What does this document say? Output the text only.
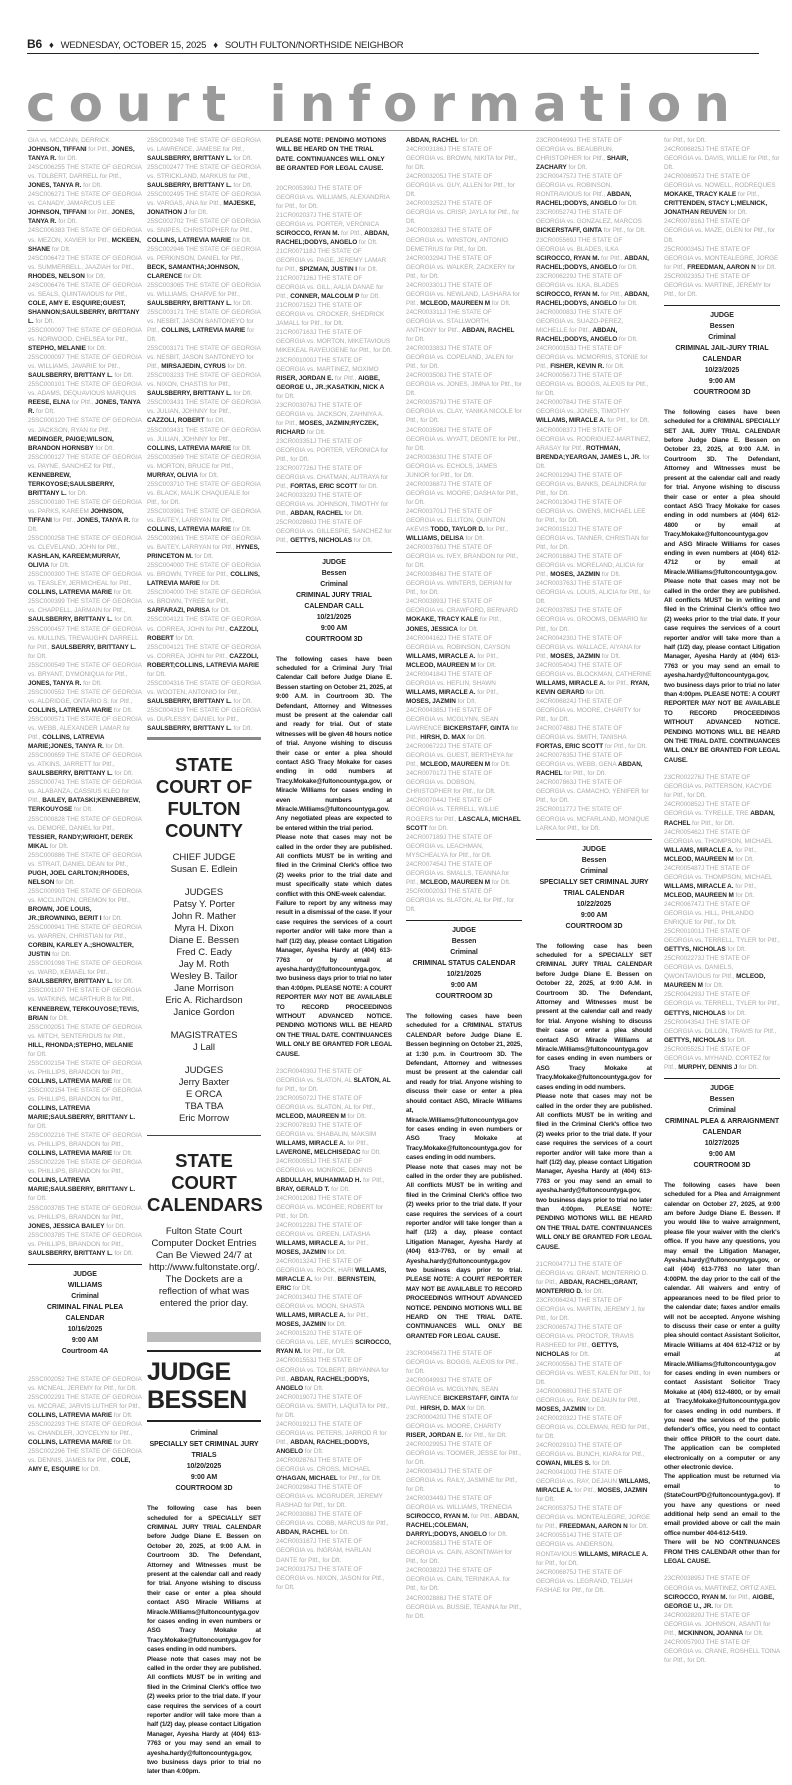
B6 ♦ WEDNESDAY, OCTOBER 15, 2025 ♦ SOUTH FULTON/NORTHSIDE NEIGHBOR
court information
GIA vs. MCCANN, DERRICK JOHNSON, TIFFANI for Pltf., JONES, TANYA R. for Dft.
24SC006255 THE STATE OF GEORGIA vs. TOLBERT, DARRELL for Pltf., JONES, TANYA R. for Dft.
24SC006271 THE STATE OF GEORGIA vs. CANADY, JAMARCUS LEE JOHNSON, TIFFANI for Pltf., JONES, TANYA R. for Dft.
24SC006383 THE STATE OF GEORGIA vs. MEZON, XAVIER for Pltf., MCKEEN, SHANE for Dft.
24SC006472 THE STATE OF GEORGIA vs. SUMMERBELL, JAAZIAH for Pltf., RHODES, NELSON for Dft.
24SC006476 THE STATE OF GEORGIA vs. SEALS, QUINTAVIOUS for Pltf., COLE, AMY E. ESQUIRE;GUEST, SHANNON;SAULSBERRY, BRITTANY L. for Dft.
25SC000097 THE STATE OF GEORGIA vs. NORWOOD, CHELSEA for Pltf., STEPHO, MELANIE for Dft.
25SC000097 THE STATE OF GEORGIA vs. WILLIAMS, JAVARIE for Pltf., SAULSBERRY, BRITTANY L. for Dft.
25SC000101 THE STATE OF GEORGIA vs. ADAMS, DEQUAVIOUS MARQUIS REESE, ELNA for Pltf., JONES, TANYA R. for Dft.
25SC000120 THE STATE OF GEORGIA vs. JACKSON, RYAN for Pltf., MEDINGER, PAIGE;WILSON, BRANDON HORNSBY for Dft.
25SC000127 THE STATE OF GEORGIA vs. PAYNE, SANCHEZ for Pltf., KENNEBREW, TERKOYOSE;SAULSBERRY, BRITTANY L. for Dft.
25SC000180 THE STATE OF GEORGIA vs. PARKS, KAREEM JOHNSON, TIFFANI for Pltf., JONES, TANYA R. for Dft.
25SC000258 THE STATE OF GEORGIA vs. CLEVELAND, JOHN for Pltf., KASHLAN, KAREEM;MURRAY, OLIVIA for Dft.
25SC000300 THE STATE OF GEORGIA vs. TEASLEY, JERMICHEAL for Pltf., COLLINS, LATREVIA MARIE for Dft.
25SC000399 THE STATE OF GEORGIA vs. CHAPPELL, JARMAIN for Pltf., SAULSBERRY, BRITTANY L. for Dft.
25SC000457 THE STATE OF GEORGIA vs. MULLINS, TREVAUGHN DARRELL for Pltf., SAULSBERRY, BRITTANY L. for Dft.
25SC000549 THE STATE OF GEORGIA vs. BRYANT, DYMONIQUA for Pltf., JONES, TANYA R. for Dft.
25SC000552 THE STATE OF GEORGIA vs. ALDRIDGE, ONTARIO S. for Pltf., COLLINS, LATREVIA MARIE for Dft.
25SC000571 THE STATE OF GEORGIA vs. WEBB, ALEXANDER LAMAR for Pltf., COLLINS, LATREVIA MARIE;JONES, TANYA R. for Dft.
25SC000659 THE STATE OF GEORGIA vs. ATKINS, JARRETT for Pltf., SAULSBERRY, BRITTANY L. for Dft.
25SC000741 THE STATE OF GEORGIA vs. ALABANZA, CASSIUS KLEO for Pltf., BAILEY, BATASKI;KENNEBREW, TERKOUYOSE for Dft.
25SC000828 THE STATE OF GEORGIA vs. DEMORE, DANIEL for Pltf., TESSIER, RANDY;WRIGHT, DEREK MIKAL for Dft.
25SC000886 THE STATE OF GEORGIA vs. STRAIT, DANIEL DEAN for Pltf., PUGH, JOEL CARLTON;RHODES, NELSON for Dft.
25SC000903 THE STATE OF GEORGIA vs. MCCLINTON, CREMON for Pltf., BROWN, JOE LOUIS, JR.;BROWNING, BERIT I for Dft.
25SC000941 THE STATE OF GEORGIA vs. WARREN, CHRISTIAN for Pltf., CORBIN, KARLEY A.;SHOWALTER, JUSTIN for Dft.
25SC001098 THE STATE OF GEORGIA vs. WARD, KEMAEL for Pltf., SAULSBERRY, BRITTANY L. for Dft.
25SC001107 THE STATE OF GEORGIA vs. WATKINS, MCARTHUR B for Pltf., KENNEBREW, TERKOUYOSE;TEVIS, BRIAN for Dft.
25SC002051 THE STATE OF GEORGIA vs. MITCH, SENTERIOUS for Pltf., HILL, RHONDA;STEPHO, MELANIE for Dft.
25SC002154 THE STATE OF GEORGIA vs. PHILLIPS, BRANDON for Pltf., COLLINS, LATREVIA MARIE for Dft.
25SC002154 THE STATE OF GEORGIA vs. PHILLIPS, BRANDON for Pltf., COLLINS, LATREVIA MARIE;SAULSBERRY, BRITTANY L. for Dft.
25SC002216 THE STATE OF GEORGIA vs. PHILLIPS, BRANDON for Pltf., COLLINS, LATREVIA MARIE for Dft.
25SC002226 THE STATE OF GEORGIA vs. PHILLIPS, BRANDON for Pltf., COLLINS, LATREVIA MARIE;SAULSBERRY, BRITTANY L. for Dft.
25SC003785 THE STATE OF GEORGIA vs. PHILLIPS, BRANDON for Pltf., JONES, JESSICA BAILEY for Dft.
25SC003785 THE STATE OF GEORGIA vs. PHILLIPS, BRANDON for Pltf., SAULSBERRY, BRITTANY L. for Dft.
JUDGE
WILLIAMS
Criminal
CRIMINAL FINAL PLEA CALENDAR
10/16/2025
9:00 AM
Courtroom 4A
25SC002052 THE STATE OF GEORGIA vs. MCNEAL, JEREMY for Pltf., for Dft.
25SC002291 THE STATE OF GEORGIA vs. MCCRAE, JARVIS LUTHER for Pltf., COLLINS, LATREVIA MARIE for Dft.
25SC002293 THE STATE OF GEORGIA vs. CHANDLER, JOYCELYN for Pltf., COLLINS, LATREVIA MARIE for Dft.
25SC002296 THE STATE OF GEORGIA vs. DENNIS, JAMES for Pltf., COLE, AMY E, ESQUIRE for Dft.
25SC002348 THE STATE OF GEORGIA vs. LAWRENCE, JAMESE for Pltf., SAULSBERRY, BRITTANY L. for Dft.
25SC002477 THE STATE OF GEORGIA vs. STRICKLAND, MARKUS for Pltf., SAULSBERRY, BRITTANY L. for Dft.
25SC002495 THE STATE OF GEORGIA vs. VARGAS, ANA for Pltf., MAJESKE, JONATHON J for Dft.
25SC002702 THE STATE OF GEORGIA vs. SNIPES, CHRISTOPHER for Pltf., COLLINS, LATREVIA MARIE for Dft.
25SC002946 THE STATE OF GEORGIA vs. PERKINSON, DANIEL for Pltf., BECK, SAMANTHA;JOHNSON, CLARENCE for Dft.
25SC003065 THE STATE OF GEORGIA vs. WILLIAMS, CHARVE for Pltf., SAULSBERRY, BRITTANY L. for Dft.
25SC003171 THE STATE OF GEORGIA vs. NESBIT, JASON SANTONEYO for Pltf., COLLINS, LATREVIA MARIE for Dft.
25SC003171 THE STATE OF GEORGIA vs. NESBIT, JASON SANTONEYO for Pltf., MIRSAJEDIN, CYRUS for Dft.
25SC003233 THE STATE OF GEORGIA vs. NIXON, CHASTIS for Pltf., SAULSBERRY, BRITTANY L. for Dft.
25SC003431 THE STATE OF GEORGIA vs. JULIAN, JOHNNY for Pltf., CAZZOLI, ROBERT for Dft.
25SC003431 THE STATE OF GEORGIA vs. JULIAN, JOHNNY for Pltf., COLLINS, LATREVIA MARIE for Dft.
25SC003569 THE STATE OF GEORGIA vs. MORTON, BRUCE for Pltf., MURRAY, OLIVIA for Dft.
25SC003710 THE STATE OF GEORGIA vs. BLACK, MALIK CHAQUEALE for Pltf., for Dft.
25SC003961 THE STATE OF GEORGIA vs. BAITEY, LARRYAN for Pltf., COLLINS, LATREVIA MARIE for Dft.
25SC003961 THE STATE OF GEORGIA vs. BAITEY, LARRYAN for Pltf., HYNES, PRINCETON M. for Dft.
25SC004000 THE STATE OF GEORGIA vs. BROWN, TYREE for Pltf., COLLINS, LATREVIA MARIE for Dft.
25SC004000 THE STATE OF GEORGIA vs. BROWN, TYREE for Pltf., SARFARAZI, PARISA for Dft.
25SC004121 THE STATE OF GEORGIA vs. CORREA, JOHN for Pltf., CAZZOLI, ROBERT for Dft.
25SC004121 THE STATE OF GEORGIA vs. CORREA, JOHN for Pltf., CAZZOLI, ROBERT;COLLINS, LATREVIA MARIE for Dft.
25SC004316 THE STATE OF GEORGIA vs. WOOTEN, ANTONIO for Pltf., SAULSBERRY, BRITTANY L. for Dft.
25SC004319 THE STATE OF GEORGIA vs. DUPLESSY, DANIEL for Pltf., SAULSBERRY, BRITTANY L. for Dft.
STATE COURT OF FULTON COUNTY
CHIEF JUDGE
Susan E. Edlein
JUDGES
Patsy Y. Porter
John R. Mather
Myra H. Dixon
Diane E. Bessen
Fred C. Eady
Jay M. Roth
Wesley B. Tailor
Jane Morrison
Eric A. Richardson
Janice Gordon
MAGISTRATES
J Lall
JUDGES
Jerry Baxter
E ORCA
TBA TBA
Eric Morrow
STATE COURT CALENDARS
Fulton State Court Computer Docket Entries Can Be Viewed 24/7 at http://www.fultonstate.org/. The Dockets are a reflection of what was entered the prior day.
JUDGE BESSEN
Criminal
SPECIALLY SET CRIMINAL JURY TRIALS
10/20/2025
9:00 AM
COURTROOM 3D

The following case has been scheduled for a SPECIALLY SET CRIMINAL JURY TRIAL CALENDAR before Judge Diane E. Bessen on October 20, 2025, at 9:00 A.M. in Courtroom 3D. The Defendant, Attorney and Witnesses must be present at the calendar call and ready for trial. Anyone wishing to discuss their case or enter a plea should contact ASG Miracle Williams at Miracle.Williams@fultoncountyga.gov for cases ending in even numbers or ASG Tracy Mokake at Tracy.Mokake@fultoncountyga.gov for cases ending in odd numbers.

Please note that cases may not be called in the order they are published. All conflicts MUST be in writing and filed in the Criminal Clerk's office two (2) weeks prior to the trial date. If your case requires the services of a court reporter and/or will take more than a half (1/2) day, please contact Litigation Manager, Ayesha Hardy at (404) 613-7763 or you may send an email to ayesha.hardy@fultoncountyga.gov, two business days prior to trial no later than 4:00pm.

PLEASE NOTE: PENDING MOTIONS WILL BE HEARD ON THE TRIAL DATE. CONTINUANCES WILL ONLY BE GRANTED FOR LEGAL CAUSE.
20CR005390J THE STATE OF GEORGIA vs. WILLIAMS, ALEXANDRIA for Pltf., for Dft.
21CR002037J THE STATE OF GEORGIA vs. PORTER, VERONICA SCIROCCO, RYAN M. for Pltf., ABDAN, RACHEL;DODYS, ANGELO for Dft.
21CR007118J THE STATE OF GEORGIA vs. PAGE, JEREMY LAMAR for Pltf., SPIZMAN, JUSTIN I for Dft.
21CR007126J THE STATE OF GEORGIA vs. GILL, AALIA DANAE for Pltf., CONNER, MALCOLM P for Dft.
21CR007152J THE STATE OF GEORGIA vs. CROCKER, SHEDRICK JAMALL for Pltf., for Dft.
21CR007163J THE STATE OF GEORGIA vs. MORTON, MIKETAVIOUS MIKEKEAL RAYEUGENE for Pltf., for Dft.
23CR001000J THE STATE OF GEORGIA vs. MARTINEZ, MOXIMO RISER, JORDAN E. for Pltf., AIGBE, GEORGE U., JR.;KASATKIN, NICK A for Dft.
23CR003076J THE STATE OF GEORGIA vs. JACKSON, ZAHNIYA A. for Pltf., MOSES, JAZMIN;RYCZEK, RICHARD for Dft.
23CR003351J THE STATE OF GEORGIA vs. PORTER, VERONICA for Pltf., for Dft.
23CR007726J THE STATE OF GEORGIA vs. CHATMAN, AUTRAYA for Pltf., FORTAS, ERIC SCOTT for Dft.
24CR003329J THE STATE OF GEORGIA vs. JOHNSON, TIMOTHY for Pltf., ABDAN, RACHEL for Dft.
25CR002860J THE STATE OF GEORGIA vs. GILLESPIE, SANCHEZ for Pltf., GETTYS, NICHOLAS for Dft.
JUDGE
Bessen
Criminal
CRIMINAL JURY TRIAL CALENDAR CALL
10/21/2025
9:00 AM
COURTROOM 3D

The following cases have been scheduled for a Criminal Jury Trial Calendar Call before Judge Diane E. Bessen starting on October 21, 2025, at 9:00 A.M. in Courtroom 3D. The Defendant, Attorney and Witnesses must be present at the calendar call and ready for trial. Out of state witnesses will be given 48 hours notice of trial. Anyone wishing to discuss their case or enter a plea should contact ASG Tracy Mokake for cases ending in odd numbers at Tracy.Mokake@fultoncountyga.gov, or Miracle Williams for cases ending in even numbers at Miracle.Williams@fultoncountyga.gov. Any negotiated pleas are expected to be entered within the trial period.

Please note that cases may not be called in the order they are published. All conflicts MUST be in writing and filed in the Criminal Clerk's office two (2) weeks prior to the trial date and must specifically state which dates conflict with this ONE-week calendar.

Failure to report by any witness may result in a dismissal of the case. If your case requires the services of a court reporter and/or will take more than a half (1/2) day, please contact Litigation Manager, Ayesha Hardy at (404) 613-7763 or by email at ayesha.hardy@fultoncountyga.gov, two business days prior to trial no later than 4:00pm. PLEASE NOTE: A COURT REPORTER MAY NOT BE AVAILABLE TO RECORD PROCEEDINGS WITHOUT ADVANCED NOTICE. PENDING MOTIONS WILL BE HEARD ON THE TRIAL DATE. CONTINUANCES WILL ONLY BE GRANTED FOR LEGAL CAUSE.

23CR004030J THE STATE OF GEORGIA vs. SLATON, AL SLATON, AL for Pltf., for Dft.
23CR005072J THE STATE OF GEORGIA vs. SLATON, AL for Pltf., MCLEOD, MAUREEN M for Dft.
23CR007819J THE STATE OF GEORGIA vs. SHABALIN, MAKSIM WILLAMS, MIRACLE A. for Pltf., LAVERGNE, MELCHISEDAC for Dft.
24CR000551J THE STATE OF GEORGIA vs. MONROE, DENNIS ABDULLAH, MUHAMMAD H. for Pltf., BRAY, GERALD T. for Dft.
24CR001208J THE STATE OF GEORGIA vs. MCGHEE, ROBERT for Pltf., for Dft.
24CR001228J THE STATE OF GEORGIA vs. GREEN, LATASHA WILLAMS, MIRACLE A. for Pltf., MOSES, JAZMIN for Dft.
24CR001324J THE STATE OF GEORGIA vs. ROCK, HARI WILLAMS, MIRACLE A. for Pltf., BERNSTEIN, ERIC for Dft.
24CR001340J THE STATE OF GEORGIA vs. MOON, SHASTA WILLAMS, MIRACLE A. for Pltf., MOSES, JAZMIN for Dft.
24CR001520J THE STATE OF GEORGIA vs. LEE, MYLES SCIROCCO, RYAN M. for Pltf., for Dft.
24CR001553J THE STATE OF GEORGIA vs. TOLBERT, BRIYANNA for Pltf., ABDAN, RACHEL;DODYS, ANGELO for Dft.
24CR001907J THE STATE OF GEORGIA vs. SMITH, LAQUITA for Pltf., for Dft.
24CR001921J THE STATE OF GEORGIA vs. PETERS, JARROD R for Pltf., ABDAN, RACHEL;DODYS, ANGELO for Dft.
24CR002876J THE STATE OF GEORGIA vs. CROSS, MICHAEL O'HAGAN, MICHAEL for Pltf., for Dft.
24CR002984J THE STATE OF GEORGIA vs. MCGRUDER, JEREMY RASHAD for Pltf., for Dft.
24CR003088J THE STATE OF GEORGIA vs. COBB, MARCUS for Pltf., ABDAN, RACHEL for Dft.
24CR003167J THE STATE OF GEORGIA vs. INGRAM, HARLAN DANTE for Pltf., for Dft.
24CR003175J THE STATE OF GEORGIA vs. NIXON, JASON for Pltf., for Dft.
ABDAN, RACHEL for Dft.
24CR003186J THE STATE OF GEORGIA vs. BROWN, NIKITA for Pltf., for Dft.
24CR003205J THE STATE OF GEORGIA vs. GUY, ALLEN for Pltf., for Dft.
24CR003252J THE STATE OF GEORGIA vs. CRISP, JAYLA for Pltf., for Dft.
24CR003283J THE STATE OF GEORGIA vs. WINSTON, ANTONIO DEMETRIUS for Pltf., for Dft.
24CR003294J THE STATE OF GEORGIA vs. WALKER, ZACKERY for Pltf., for Dft.
24CR003301J THE STATE OF GEORGIA vs. NEWLAND, LASHARA for Pltf., MCLEOD, MAUREEN M for Dft.
24CR003311J THE STATE OF GEORGIA vs. STALLWORTH, ANTHONY for Pltf., ABDAN, RACHEL for Dft.
24CR003383J THE STATE OF GEORGIA vs. COPELAND, JALEN for Pltf., for Dft.
24CR003508J THE STATE OF GEORGIA vs. JONES, JIMNA for Pltf., for Dft.
24CR003579J THE STATE OF GEORGIA vs. CLAY, YANIKA NICOLE for Pltf., for Dft.
24CR003596J THE STATE OF GEORGIA vs. WYATT, DEONTE for Pltf., for Dft.
24CR003630J THE STATE OF GEORGIA vs. ECHOLS, JAMES JUNIOR for Pltf., for Dft.
24CR003687J THE STATE OF GEORGIA vs. MOORE, DASHA for Pltf., for Dft.
24CR003701J THE STATE OF GEORGIA vs. ELLITON, QUINTON AKEVIS TODD, TAYLOR D. for Pltf., WILLIAMS, DELISA for Dft.
24CR003760J THE STATE OF GEORGIA vs. IVEY, BRANDON for Pltf., for Dft.
24CR003846J THE STATE OF GEORGIA vs. WINTERS, DERIAN for Pltf., for Dft.
24CR003893J THE STATE OF GEORGIA vs. CRAWFORD, BERNARD MOKAKE, TRACY KALE for Pltf., JONES, JESSICA for Dft.
24CR004162J THE STATE OF GEORGIA vs. ROBINSON, CAYSON WILLAMS, MIRACLE A. for Pltf., MCLEOD, MAUREEN M for Dft.
24CR004184J THE STATE OF GEORGIA vs. HEFLIN, SHAWN WILLAMS, MIRACLE A. for Pltf., MOSES, JAZMIN for Dft.
24CR004385J THE STATE OF GEORGIA vs. MCGLYNN, SEAN LAWRENCE BICKERSTAFF, GINTA for Pltf., HIRSH, D. MAX for Dft.
24CR006722J THE STATE OF GEORGIA vs. GUEST, BERTHEYA for Pltf., MCLEOD, MAUREEN M for Dft.
24CR007017J THE STATE OF GEORGIA vs. DOBSON, CHRISTOPHER for Pltf., for Dft.
24CR007044J THE STATE OF GEORGIA vs. TERRELL, WILLIE ROGERS for Pltf., LASCALA, MICHAEL SCOTT for Dft.
24CR007189J THE STATE OF GEORGIA vs. LEACHMAN, MYSCHEALYA for Pltf., for Dft.
24CR007454J THE STATE OF GEORGIA vs. SMALLS, TEANNA for Pltf., MCLEOD, MAUREEN M for Dft.
25CR000203J THE STATE OF GEORGIA vs. SLATON, AL for Pltf., for Dft.
JUDGE
Bessen
Criminal
CRIMINAL STATUS CALENDAR
10/21/2025
9:00 AM
COURTROOM 3D

The following cases have been scheduled for a CRIMINAL STATUS CALENDAR before Judge Diane E. Bessen beginning on October 21, 2025, at 1:30 p.m. in Courtroom 3D. The Defendant, Attorney and witnesses must be present at the calendar call and ready for trial. Anyone wishing to discuss their case or enter a plea should contact ASG, Miracle Williams at, Miracle.Williams@fultoncountyga.gov for cases ending in even numbers or ASG Tracy Mokake at Tracy.Mokake@fultoncountyga.gov for cases ending in odd numbers.

Please note that cases may not be called in the order they are published. All conflicts MUST be in writing and filed in the Criminal Clerk's office two (2) weeks prior to the trial date. If your case requires the services of a court reporter and/or will take longer than a half (1/2) a day, please contact Litigation Manager, Ayesha Hardy at (404) 613-7763, or by email at Ayesha.hardy@fultoncountyga.gov two business days prior to trial. PLEASE NOTE: A COURT REPORTER MAY NOT BE AVAILABLE TO RECORD PROCEEDINGS WITHOUT ADVANCED NOTICE. PENDING MOTIONS WILL BE HEARD ON THE TRIAL DATE. CONTINUANCES WILL ONLY BE GRANTED FOR LEGAL CAUSE.

23CR004567J THE STATE OF GEORGIA vs. BOGGS, ALEXIS for Pltf., for Dft.
24CR004993J THE STATE OF GEORGIA vs. MCGLYNN, SEAN LAWRENCE BICKERSTAFF, GINTA for Pltf., HIRSH, D. MAX for Dft.
23CR000420J THE STATE OF GEORGIA vs. MOORE, CHARITY RISER, JORDAN E. for Pltf., for Dft.
24CR002995J THE STATE OF GEORGIA vs. TOOMER, JESSE for Pltf., for Dft.
24CR003431J THE STATE OF GEORGIA vs. RAILY, JASMINE for Pltf., for Dft.
24CR003449J THE STATE OF GEORGIA vs. WILLIAMS, TRENECIA SCIROCCO, RYAN M. for Pltf., ABDAN, RACHEL;COLEMAN, DARRYL;DODYS, ANGELO for Dft.
24CR003581J THE STATE OF GEORGIA vs. CAIN, ASONTIWAH for Pltf., for Dft.
24CR003822J THE STATE OF GEORGIA vs. CAIN, TERINIKA A. for Pltf., for Dft.
24CR002886J THE STATE OF GEORGIA vs. BUSSIE, TEANNA for Pltf., for Dft.
23CR004699J THE STATE OF GEORGIA vs. BEAUBRUN, CHRISTOPHER for Pltf., SHAIR, ZACHARY for Dft.
23CR004757J THE STATE OF GEORGIA vs. ROBINSON, RONTRAVIOUS for Pltf., ABDAN, RACHEL;DODYS, ANGELO for Dft.
23CR005274J THE STATE OF GEORGIA vs. GONZALEZ, MARCOS BICKERSTAFF, GINTA for Pltf., for Dft.
23CR005569J THE STATE OF GEORGIA vs. BLADES, ILKA SCIROCCO, RYAN M. for Pltf., ABDAN, RACHEL;DODYS, ANGELO for Dft.
23CR006229J THE STATE OF GEORGIA vs. ILKA, BLADES SCIROCCO, RYAN M. for Pltf., ABDAN, RACHEL;DODYS, ANGELO for Dft.
24CR000083J THE STATE OF GEORGIA vs. SUAZO-PEREZ, MICHELLE for Pltf., ABDAN, RACHEL;DODYS, ANGELO for Dft.
24CR000153J THE STATE OF GEORGIA vs. MCMORRIS, STONIE for Pltf., FISHER, KEVIN R. for Dft.
24CR000567J THE STATE OF GEORGIA vs. BOGGS, ALEXIS for Pltf., for Dft.
24CR000784J THE STATE OF GEORGIA vs. JONES, TIMOTHY WILLAMS, MIRACLE A. for Pltf., for Dft.
24CR000837J THE STATE OF GEORGIA vs. RODRIGUEZ-MARTINEZ, ARASAY for Pltf., ROTHMAN, BRENDA;YEARGAN, JAMES L, JR. for Dft.
24CR001294J THE STATE OF GEORGIA vs. BANKS, DEALINDRA for Pltf., for Dft.
24CR001304J THE STATE OF GEORGIA vs. OWENS, MICHAEL LEE for Pltf., for Dft.
24CR001512J THE STATE OF GEORGIA vs. TANNER, CHRISTIAN for Pltf., for Dft.
24CR001684J THE STATE OF GEORGIA vs. MORELAND, ALICIA for Pltf., MOSES, JAZMIN for Dft.
24CR003763J THE STATE OF GEORGIA vs. LOUIS, ALICIA for Pltf., for Dft.
24CR003785J THE STATE OF GEORGIA vs. GROOMS, DEMARIO for Pltf., for Dft.
24CR004230J THE STATE OF GEORGIA vs. WALLACE, AIYANA for Pltf., MOSES, JAZMIN for Dft.
24CR005404J THE STATE OF GEORGIA vs. BLOCKMAN, CATHERINE WILLAMS, MIRACLE A. for Pltf., RYAN, KEVIN GERARD for Dft.
24CR006824J THE STATE OF GEORGIA vs. MOORE, CHARITY for Pltf., for Dft.
24CR007488J THE STATE OF GEORGIA vs. SMITH, TANISHA FORTAS, ERIC SCOTT for Pltf., for Dft.
24CR007635J THE STATE OF GEORGIA vs. WEBB, GENA ABDAN, RACHEL for Pltf., for Dft.
24CR007863J THE STATE OF GEORGIA vs. CAMACHO, YENIFER for Pltf., for Dft.
25CR001177J THE STATE OF GEORGIA vs. MCFARLAND, MONIQUE LARKA for Pltf., for Dft.
JUDGE
Bessen
Criminal
SPECIALLY SET CRIMINAL JURY TRIAL CALENDAR
10/22/2025
9:00 AM
COURTROOM 3D

The following case has been scheduled for a SPECIALLY SET CRIMINAL JURY TRIAL CALENDAR before Judge Diane E. Bessen on October 22, 2025, at 9:00 A.M. in Courtroom 3D. The Defendant, Attorney and Witnesses must be present at the calendar call and ready for trial. Anyone wishing to discuss their case or enter a plea should contact ASG Miracle Williams at Miracle.Williams@fultoncountyga.gov for cases ending in even numbers or ASG Tracy Mokake at Tracy.Mokake@fultoncountyga.gov for cases ending in odd numbers.

Please note that cases may not be called in the order they are published. All conflicts MUST be in writing and filed in the Criminal Clerk's office two (2) weeks prior to the trial date. If your case requires the services of a court reporter and/or will take more than a half (1/2) day, please contact Litigation Manager, Ayesha Hardy at (404) 613-7763 or you may send an email to ayesha.hardy@fultoncountyga.gov, two business days prior to trial no later than 4:00pm. PLEASE NOTE: PENDING MOTIONS WILL BE HEARD ON THE TRIAL DATE. CONTINUANCES WILL ONLY BE GRANTED FOR LEGAL CAUSE.

21CR004771J THE STATE OF GEORGIA vs. GRANT, MONTERRIO D. for Pltf., ABDAN, RACHEL;GRANT, MONTERRIO D. for Dft.
23CR006424J THE STATE OF GEORGIA vs. MARTIN, JEREMY J. for Pltf., for Dft.
23CR006574J THE STATE OF GEORGIA vs. PROCTOR, TRAVIS RASHEED for Pltf., GETTYS, NICHOLAS for Dft.
24CR000556J THE STATE OF GEORGIA vs. WEST, KALEN for Pltf., for Dft.
24CR000680J THE STATE OF GEORGIA vs. RAY, DEJAUN for Pltf., MOSES, JAZMIN for Dft.
24CR002032J THE STATE OF GEORGIA vs. COLEMAN, REID for Pltf., for Dft.
24CR002910J THE STATE OF GEORGIA vs. BUNCH, KIARA for Pltf., COWAN, MILES S. for Dft.
24CR004100J THE STATE OF GEORGIA vs. RAY, DEJAUN WILLAMS, MIRACLE A. for Pltf., MOSES, JAZMIN for Dft.
24CR005375J THE STATE OF GEORGIA vs. MONTEALEGRE, JORGE for Pltf., FREEDMAN, AARON N for Dft.
24CR005514J THE STATE OF GEORGIA vs. ANDERSON, RONTAVIOUS WILLAMS, MIRACLE A. for Pltf., for Dft.
24CR006875J THE STATE OF GEORGIA vs. LEGRAND, TELIAH FASHAE for Pltf., for Dft.
for Pltf., for Dft.
24CR006825J THE STATE OF GEORGIA vs. DAVIS, WILLIE for Pltf., for Dft.
24CR006957J THE STATE OF GEORGIA vs. NOWELL, RODREQUES MOKAKE, TRACY KALE for Pltf., CRITTENDEN, STACY L;MELNICK, JONATHAN REUVEN for Dft.
24CR007816J THE STATE OF GEORGIA vs. MAZE, GLEN for Pltf., for Dft.
25CR000345J THE STATE OF GEORGIA vs. MONTEALEGRE, JORGE for Pltf., FREEDMAN, AARON N for Dft.
25CR002335J THE STATE OF GEORGIA vs. MARTINE, JEREMY for Pltf., for Dft.
JUDGE
Bessen
Criminal
CRIMINAL JAIL-JURY TRIAL CALENDAR
10/23/2025
9:00 AM
COURTROOM 3D

The following cases have been scheduled for a CRIMINAL SPECIALLY SET JAIL JURY TRIAL CALENDAR before Judge Diane E. Bessen on October 23, 2025, at 9:00 A.M. in Courtroom 3D. The Defendant, Attorney and Witnesses must be present at the calendar call and ready for trial. Anyone wishing to discuss their case or enter a plea should contact ASG Tracy Mokake for cases ending in odd numbers at (404) 612-4800 or by email at Tracy.Mokake@fultoncountyga.gov and ASG Miracle Williams for cases ending in even numbers at (404) 612-4712 or by email at Miracle.Williams@fultoncountyga.gov.

Please note that cases may not be called in the order they are published. All conflicts MUST be in writing and filed in the Criminal Clerk's office two (2) weeks prior to the trial date. If your case requires the services of a court reporter and/or will take more than a half (1/2) day, please contact Litigation Manager, Ayesha Hardy at (404) 613-7763 or you may send an email to ayesha.hardy@fultoncountyga.gov, two business days prior to trial no later than 4:00pm. PLEASE NOTE: A COURT REPORTER MAY NOT BE AVAILABLE TO RECORD PROCEEDINGS WITHOUT ADVANCED NOTICE. PENDING MOTIONS WILL BE HEARD ON THE TRIAL DATE. CONTINUANCES WILL ONLY BE GRANTED FOR LEGAL CAUSE.

23CR002276J THE STATE OF GEORGIA vs. PATTERSON, KACYDE for Pltf., for Dft.
24CR000852J THE STATE OF GEORGIA vs. TYRELLE, TRE ABDAN, RACHEL for Pltf., for Dft.
24CR005462J THE STATE OF GEORGIA vs. THOMPSON, MICHAEL WILLAMS, MIRACLE A. for Pltf., MCLEOD, MAUREEN M for Dft.
24CR005487J THE STATE OF GEORGIA vs. THOMPSON, MICHAEL WILLAMS, MIRACLE A. for Pltf., MCLEOD, MAUREEN M for Dft.
24CR006747J THE STATE OF GEORGIA vs. HILL, PHILANDO ENRIQUE for Pltf., for Dft.
25CR001001J THE STATE OF GEORGIA vs. TERRELL, TYLER for Pltf., GETTYS, NICHOLAS for Dft.
25CR002273J THE STATE OF GEORGIA vs. DANIELS, QWONTAVIOUS for Pltf., MCLEOD, MAUREEN M for Dft.
25CR004293J THE STATE OF GEORGIA vs. TERRELL, TYLER for Pltf., GETTYS, NICHOLAS for Dft.
25CR004354J THE STATE OF GEORGIA vs. DILLON, TRAVIS for Pltf., GETTYS, NICHOLAS for Dft.
25CR005525J THE STATE OF GEORGIA vs. MYHAND, CORTEZ for Pltf., MURPHY, DENNIS J for Dft.
JUDGE
Bessen
Criminal
CRIMINAL PLEA & ARRAIGNMENT CALENDAR
10/27/2025
9:00 AM
COURTROOM 3D

The following cases have been scheduled for a Plea and Arraignment calendar on October 27, 2025, at 9:00 am before Judge Diane E. Bessen. If you would like to waive arraignment, please file your waiver with the clerk's office. If you have any questions, you may email the Litigation Manager, Ayesha.hardy@fultoncountyga.gov, or call (404) 613-7763 no later than 4:00PM. the day prior to the call of the calendar. All waivers and entry of appearances need to be filed prior to the calendar date; faxes and/or emails will not be accepted. Anyone wishing to discuss their case or enter a guilty plea should contact Assistant Solicitor, Miracle Williams at 404 612-4712 or by email at Miracle.Williams@fultoncountyga.gov for cases ending in even numbers or contact Assistant Solicitor Tracy Mokake at (404) 612-4800, or by email at Tracy.Mokake@fultoncountyga.gov for cases ending in odd numbers. If you need the services of the public defender's office, you need to contact their office PRIOR to the court date. The application can be completed electronically on a computer or any other electronic device.

The application must be returned via email to (StateCourtPD@fultoncountyga.gov). If you have any questions or need additional help send an email to the email provided above or call the main office number 404-612-5419.

There will be NO CONTINUANCES FROM THIS CALENDAR other than for LEGAL CAUSE.

23CR003895J THE STATE OF GEORGIA vs. MARTINEZ, ORTIZ AXEL SCIROCCO, RYAN M. for Pltf., AIGBE, GEORGE U., JR. for Dft.
24CR002820J THE STATE OF GEORGIA vs. JOHNSON, ASANTI for Pltf., MCKINNON, JOANNA for Dft.
24CR005790J THE STATE OF GEORGIA vs. CRANE, ROSHELL TOINA for Pltf., for Dft.
